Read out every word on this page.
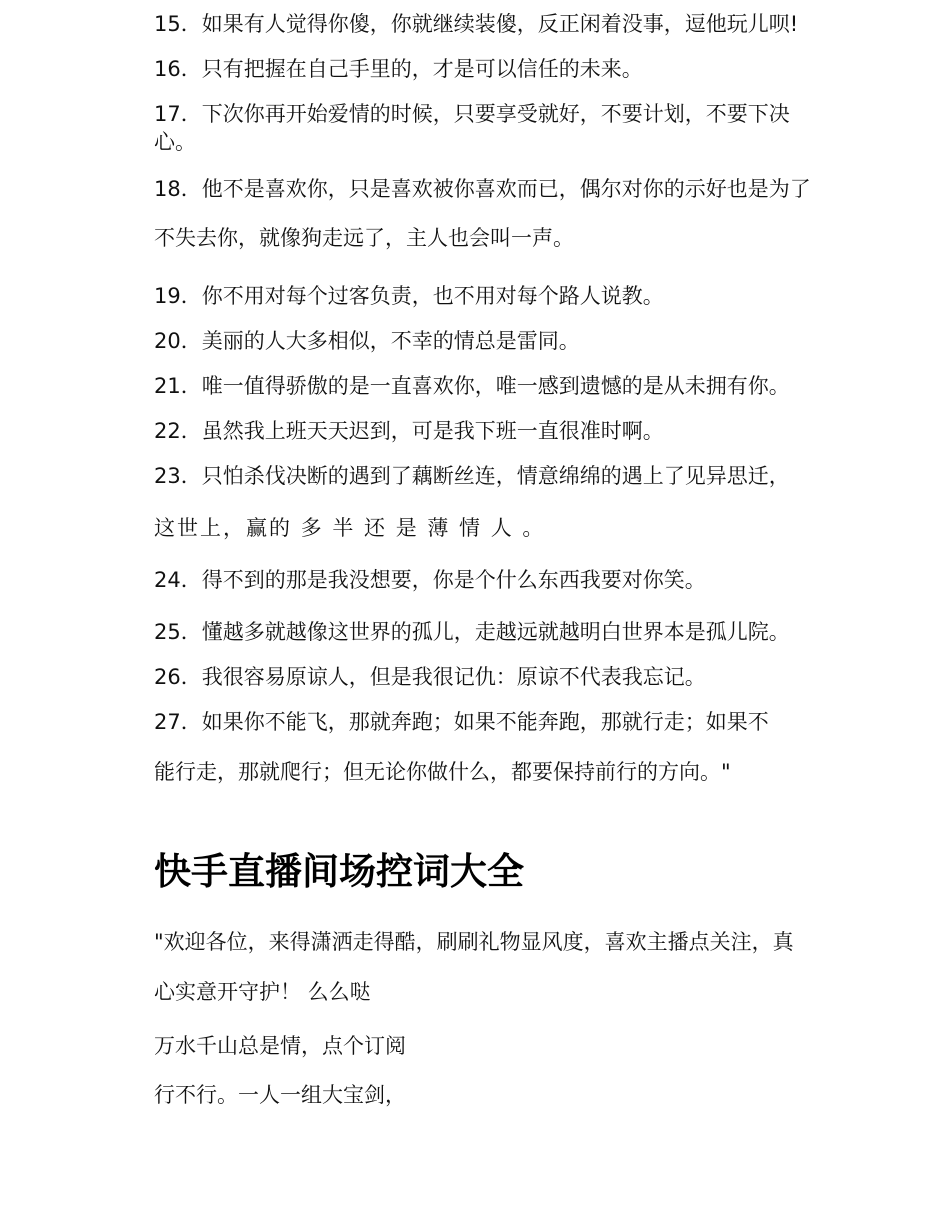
15．如果有人觉得你傻，你就继续装傻，反正闲着没事，逗他玩儿呗!
16．只有把握在自己手里的，才是可以信任的未来。
17．下次你再开始爱情的时候，只要享受就好，不要计划，不要下决心。
18．他不是喜欢你，只是喜欢被你喜欢而已，偶尔对你的示好也是为了
不失去你，就像狗走远了，主人也会叫一声。
19．你不用对每个过客负责，也不用对每个路人说教。
20．美丽的人大多相似，不幸的情总是雷同。
21．唯一值得骄傲的是一直喜欢你，唯一感到遗憾的是从未拥有你。
22．虽然我上班天天迟到，可是我下班一直很准时啊。
23．只怕杀伐决断的遇到了藕断丝连，情意绵绵的遇上了见异思迁，
这世上，赢的 多 半 还 是 薄 情 人 。
24．得不到的那是我没想要，你是个什么东西我要对你笑。
25．懂越多就越像这世界的孤儿，走越远就越明白世界本是孤儿院。
26．我很容易原谅人，但是我很记仇：原谅不代表我忘记。
27．如果你不能飞，那就奔跑；如果不能奔跑，那就行走；如果不
能行走，那就爬行；但无论你做什么，都要保持前行的方向。"
快手直播间场控词大全
"欢迎各位，来得潇洒走得酷，刷刷礼物显风度，喜欢主播点关注，真
心实意开守护！ 么么哒
万水千山总是情，点个订阅
行不行。一人一组大宝剑，
